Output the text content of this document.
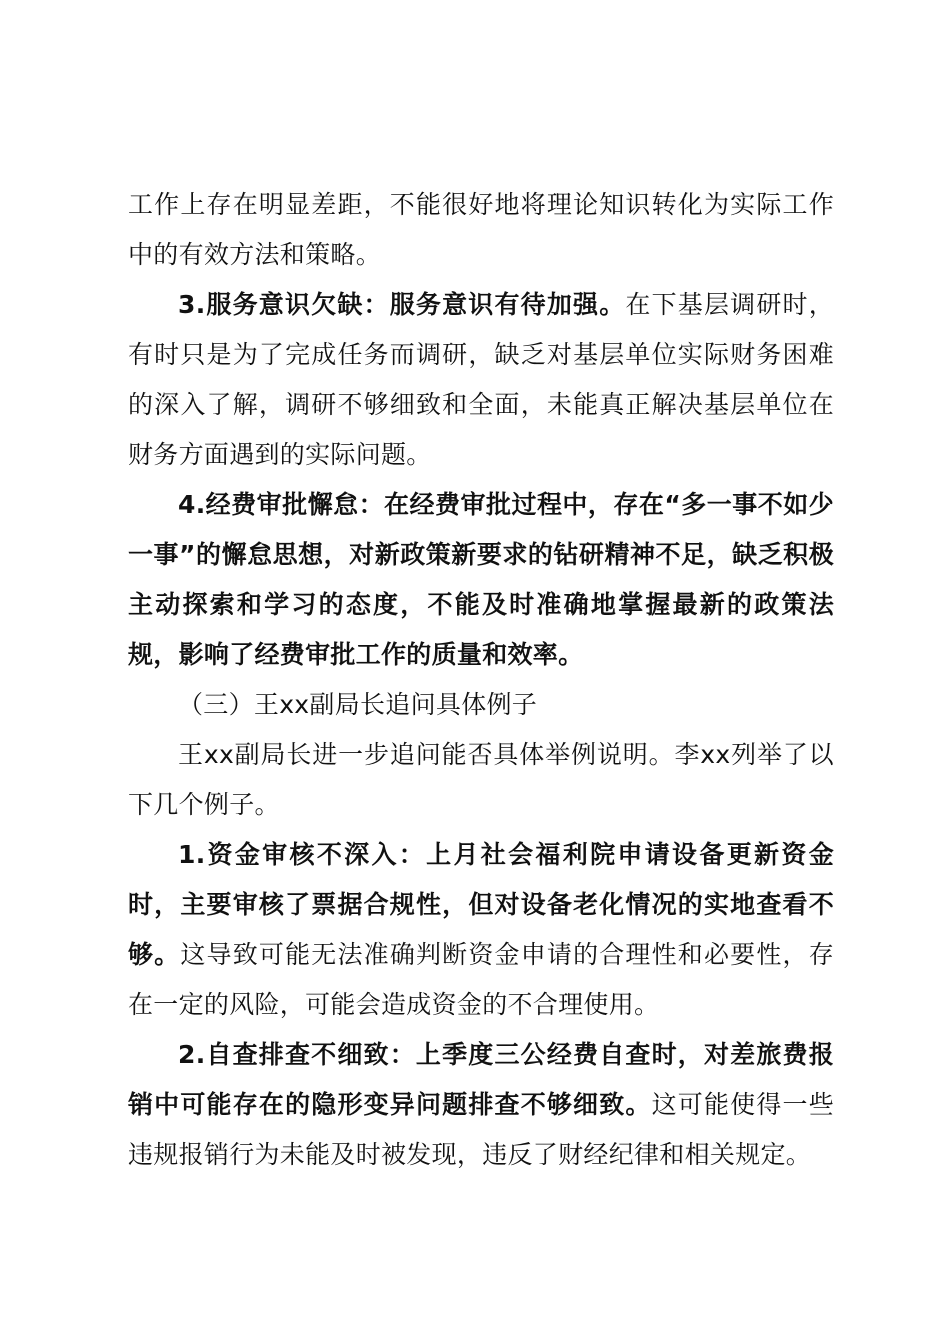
工作上存在明显差距，不能很好地将理论知识转化为实际工作中的有效方法和策略。

3.服务意识欠缺：服务意识有待加强。在下基层调研时，有时只是为了完成任务而调研，缺乏对基层单位实际财务困难的深入了解，调研不够细致和全面，未能真正解决基层单位在财务方面遇到的实际问题。

4.经费审批懈怠：在经费审批过程中，存在“多一事不如少一事”的懈怠思想，对新政策新要求的钻研精神不足，缺乏积极主动探索和学习的态度，不能及时准确地掌握最新的政策法规，影响了经费审批工作的质量和效率。

（三）王xx副局长追问具体例子

王xx副局长进一步追问能否具体举例说明。李xx列举了以下几个例子。

1.资金审核不深入：上月社会福利院申请设备更新资金时，主要审核了票据合规性，但对设备老化情况的实地查看不够。这导致可能无法准确判断资金申请的合理性和必要性，存在一定的风险，可能会造成资金的不合理使用。

2.自查排查不细致：上季度三公经费自查时，对差旅费报销中可能存在的隐形变异问题排查不够细致。这可能使得一些违规报销行为未能及时被发现，违反了财经纪律和相关规定。
